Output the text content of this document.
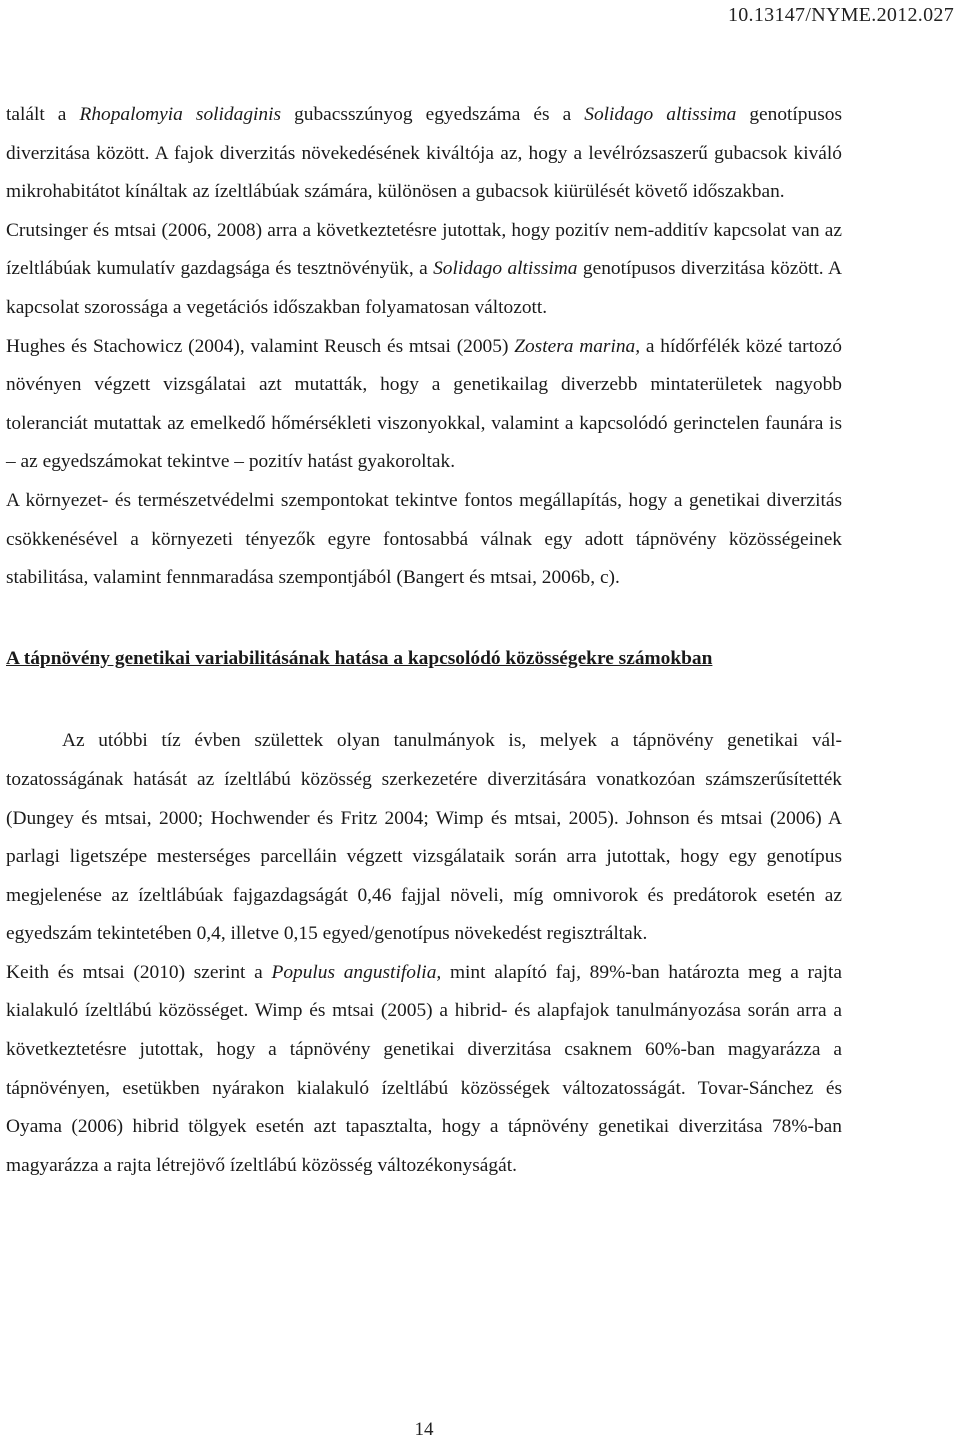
10.13147/NYME.2012.027

talált a Rhopalomyia solidaginis gubacsszúnyog egyedszáma és a Solidago altissima genotípusos diverzitása között. A fajok diverzitás növekedésének kiváltója az, hogy a levélrózsaszerű gubacsok kiváló mikrohabitátot kínáltak az ízeltlábúak számára, különösen a gubacsok kiürülését követő időszakban.

Crutsinger és mtsai (2006, 2008) arra a következtetésre jutottak, hogy pozitív nem-additív kapcsolat van az ízeltlábúak kumulatív gazdagsága és tesztnövényük, a Solidago altissima genotípusos diverzitása között. A kapcsolat szorossága a vegetációs időszakban folyamatosan változott.

Hughes és Stachowicz (2004), valamint Reusch és mtsai (2005) Zostera marina, a hídőrfélék közé tartozó növényen végzett vizsgálatai azt mutatták, hogy a genetikailag diverzebb mintaterületek nagyobb toleranciát mutattak az emelkedő hőmérsékleti viszonyokkal, valamint a kapcsolódó gerinctelen faunára is – az egyedszámokat tekintve – pozitív hatást gyakoroltak.

A környezet- és természetvédelmi szempontokat tekintve fontos megállapítás, hogy a genetikai diverzitás csökkenésével a környezeti tényezők egyre fontosabbá válnak egy adott tápnövény közösségeinek stabilitása, valamint fennmaradása szempontjából (Bangert és mtsai, 2006b, c).

A tápnövény genetikai variabilitásának hatása a kapcsolódó közösségekre számokban

Az utóbbi tíz évben születtek olyan tanulmányok is, melyek a tápnövény genetikai változatosságának hatását az ízeltlábú közösség szerkezetére diverzitására vonatkozóan számszerűsítették (Dungey és mtsai, 2000; Hochwender és Fritz 2004; Wimp és mtsai, 2005). Johnson és mtsai (2006) A parlagi ligetszépe mesterséges parcelláin végzett vizsgálataik során arra jutottak, hogy egy genotípus megjelenése az ízeltlábúak fajgazdagságát 0,46 fajjal növeli, míg omnivorok és predátorok esetén az egyedszám tekintetében 0,4, illetve 0,15 egyed/genotípus növekedést regisztráltak.

Keith és mtsai (2010) szerint a Populus angustifolia, mint alapító faj, 89%-ban határozta meg a rajta kialakuló ízeltlábú közösséget. Wimp és mtsai (2005) a hibrid- és alapfajok tanulmányozása során arra a következtetésre jutottak, hogy a tápnövény genetikai diverzitása csaknem 60%-ban magyarázza a tápnövényen, esetükben nyárakon kialakuló ízeltlábú közösségek változatosságát. Tovar-Sánchez és Oyama (2006) hibrid tölgyek esetén azt tapasztalta, hogy a tápnövény genetikai diverzitása 78%-ban magyarázza a rajta létrejövő ízeltlábú közösség változékonyságát.

14
